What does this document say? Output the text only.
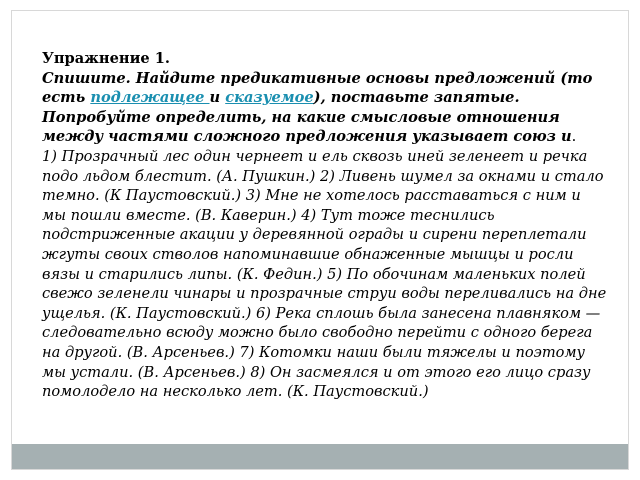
Упражнение 1.
Спишите. Найдите предикативные основы предложений (то есть подлежащее и сказуемое), поставьте запятые. Попробуйте определить, на какие смысловые отношения между частями сложного предложения указывает союз и.
1) Прозрачный лес один чернеет и ель сквозь иней зеленеет и речка подо льдом блестит. (А. Пушкин.) 2) Ливень шумел за окнами и стало темно. (К Паустовский.) 3) Мне не хотелось расставаться с ним и мы пошли вместе. (В. Каверин.) 4) Тут тоже теснились подстриженные акации у деревянной ограды и сирени переплетали жгуты своих стволов напоминавшие обнаженные мышцы и росли вязы и старились липы. (К. Федин.) 5) По обочинам маленьких полей свежо зеленели чинары и прозрачные струи воды переливались на дне ущелья. (К. Паустовский.) 6) Река сплошь была занесена плавняком — следовательно всюду можно было свободно перейти с одного берега на другой. (В. Арсеньев.) 7) Котомки наши были тяжелы и поэтому мы устали. (В. Арсеньев.) 8) Он засмеялся и от этого его лицо сразу помолодело на несколько лет. (К. Паустовский.)
